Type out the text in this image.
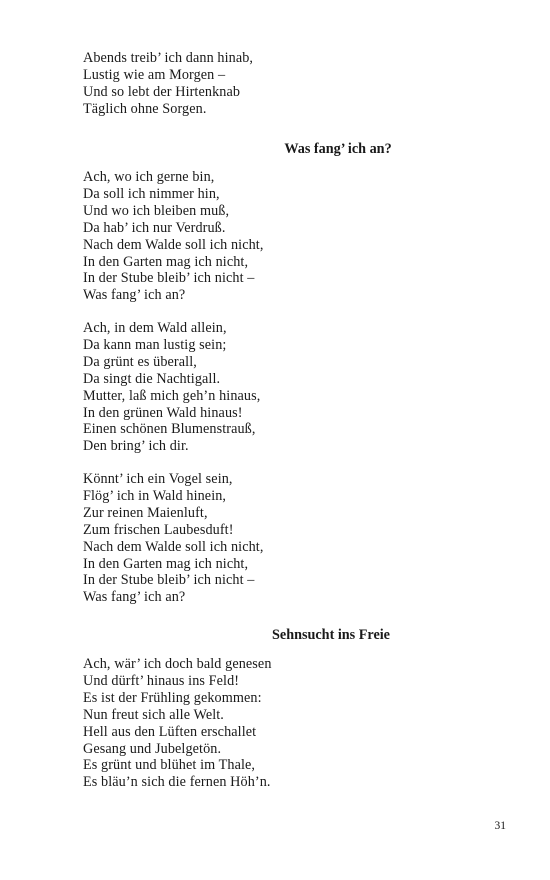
Abends treib’ ich dann hinab,
Lustig wie am Morgen –
Und so lebt der Hirtenknab
Täglich ohne Sorgen.
Was fang’ ich an?
Ach, wo ich gerne bin,
Da soll ich nimmer hin,
Und wo ich bleiben muß,
Da hab’ ich nur Verdruß.
Nach dem Walde soll ich nicht,
In den Garten mag ich nicht,
In der Stube bleib’ ich nicht –
Was fang’ ich an?
Ach, in dem Wald allein,
Da kann man lustig sein;
Da grünt es überall,
Da singt die Nachtigall.
Mutter, laß mich geh’n hinaus,
In den grünen Wald hinaus!
Einen schönen Blumenstrauß,
Den bring’ ich dir.
Könnt’ ich ein Vogel sein,
Flög’ ich in Wald hinein,
Zur reinen Maienluft,
Zum frischen Laubesduft!
Nach dem Walde soll ich nicht,
In den Garten mag ich nicht,
In der Stube bleib’ ich nicht –
Was fang’ ich an?
Sehnsucht ins Freie
Ach, wär’ ich doch bald genesen
Und dürft’ hinaus ins Feld!
Es ist der Frühling gekommen:
Nun freut sich alle Welt.
Hell aus den Lüften erschallet
Gesang und Jubelgetön.
Es grünt und blühet im Thale,
Es bläu’n sich die fernen Höh’n.
31
